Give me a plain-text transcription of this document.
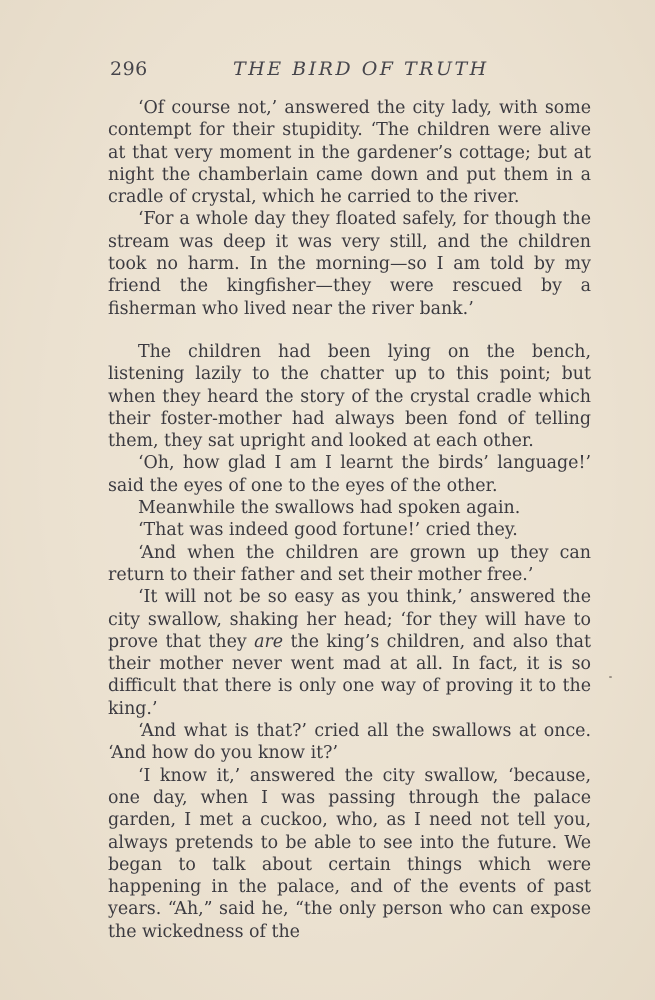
296	THE BIRD OF TRUTH

‘Of course not,’ answered the city lady, with some contempt for their stupidity. ‘The children were alive at that very moment in the gardener’s cottage; but at night the chamberlain came down and put them in a cradle of crystal, which he carried to the river.

‘For a whole day they floated safely, for though the stream was deep it was very still, and the children took no harm. In the morning—so I am told by my friend the kingfisher—they were rescued by a fisherman who lived near the river bank.’

The children had been lying on the bench, listening lazily to the chatter up to this point; but when they heard the story of the crystal cradle which their foster-mother had always been fond of telling them, they sat upright and looked at each other.

‘Oh, how glad I am I learnt the birds’ language!’ said the eyes of one to the eyes of the other.

Meanwhile the swallows had spoken again.

‘That was indeed good fortune!’ cried they.

‘And when the children are grown up they can return to their father and set their mother free.’

‘It will not be so easy as you think,’ answered the city swallow, shaking her head; ‘for they will have to prove that they are the king’s children, and also that their mother never went mad at all. In fact, it is so difficult that there is only one way of proving it to the king.’

‘And what is that?’ cried all the swallows at once. ‘And how do you know it?’

‘I know it,’ answered the city swallow, ‘because, one day, when I was passing through the palace garden, I met a cuckoo, who, as I need not tell you, always pretends to be able to see into the future. We began to talk about certain things which were happening in the palace, and of the events of past years. “Ah,” said he, “the only person who can expose the wickedness of the
